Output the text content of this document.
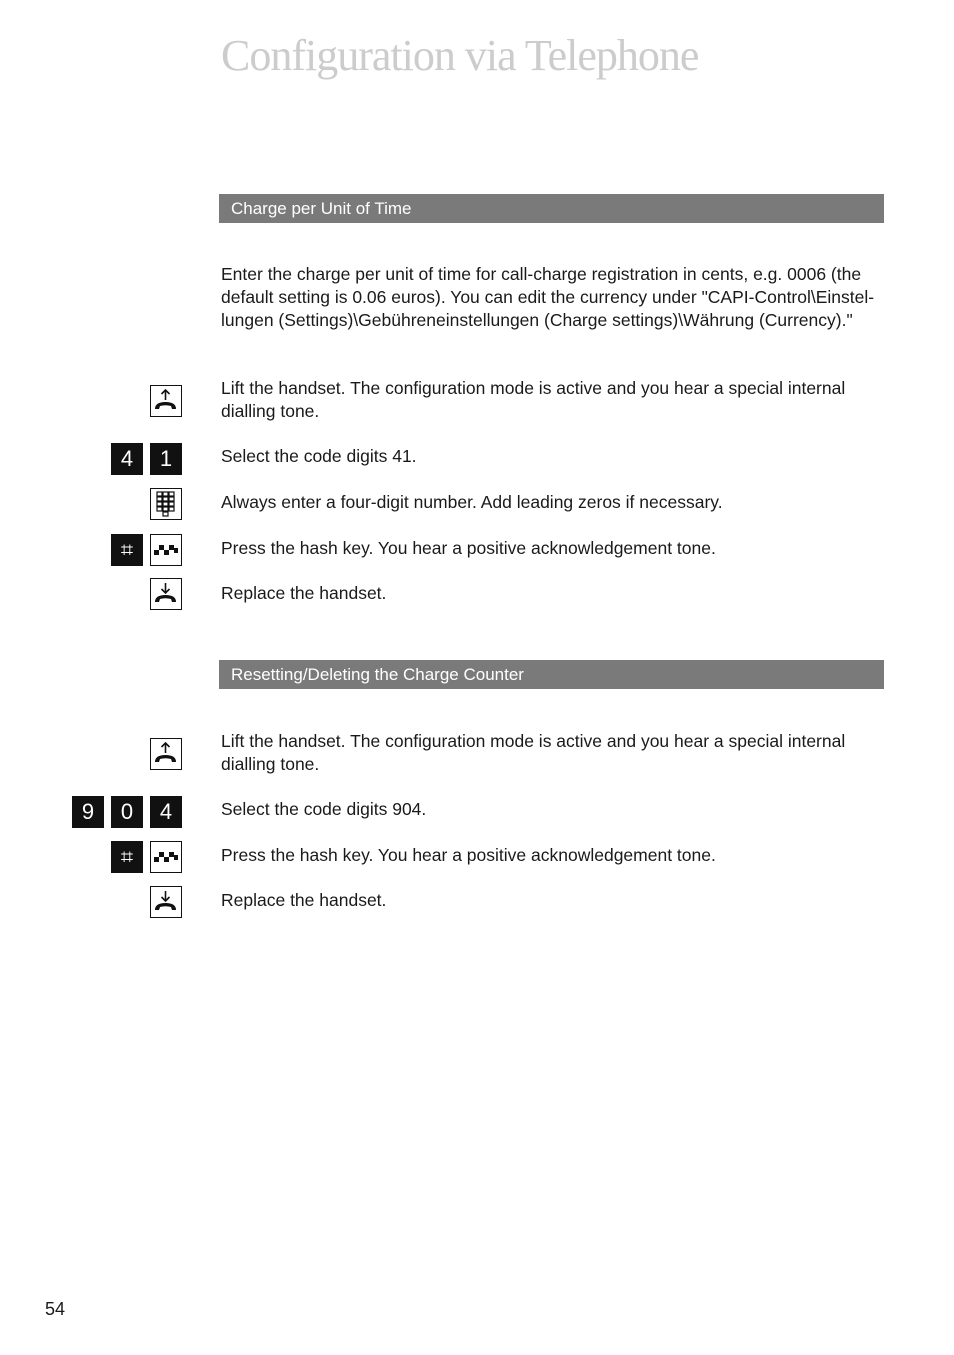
Configuration via Telephone
Charge per Unit of Time
Enter the charge per unit of time for call-charge registration in cents, e.g. 0006 (the default setting is 0.06 euros). You can edit the currency under "CAPI-Control\Einstel-lungen (Settings)\Gebühreneinstellungen (Charge settings)\Währung (Currency)."
Lift the handset. The configuration mode is active and you hear a special internal dialling tone.
4	1	Select the code digits 41.
Always enter a four-digit number. Add leading zeros if necessary.
⌗	Press the hash key. You hear a positive acknowledgement tone.
Replace the handset.
Resetting/Deleting the Charge Counter
Lift the handset. The configuration mode is active and you hear a special internal dialling tone.
9	0	4	Select the code digits 904.
⌗	Press the hash key. You hear a positive acknowledgement tone.
Replace the handset.
54
